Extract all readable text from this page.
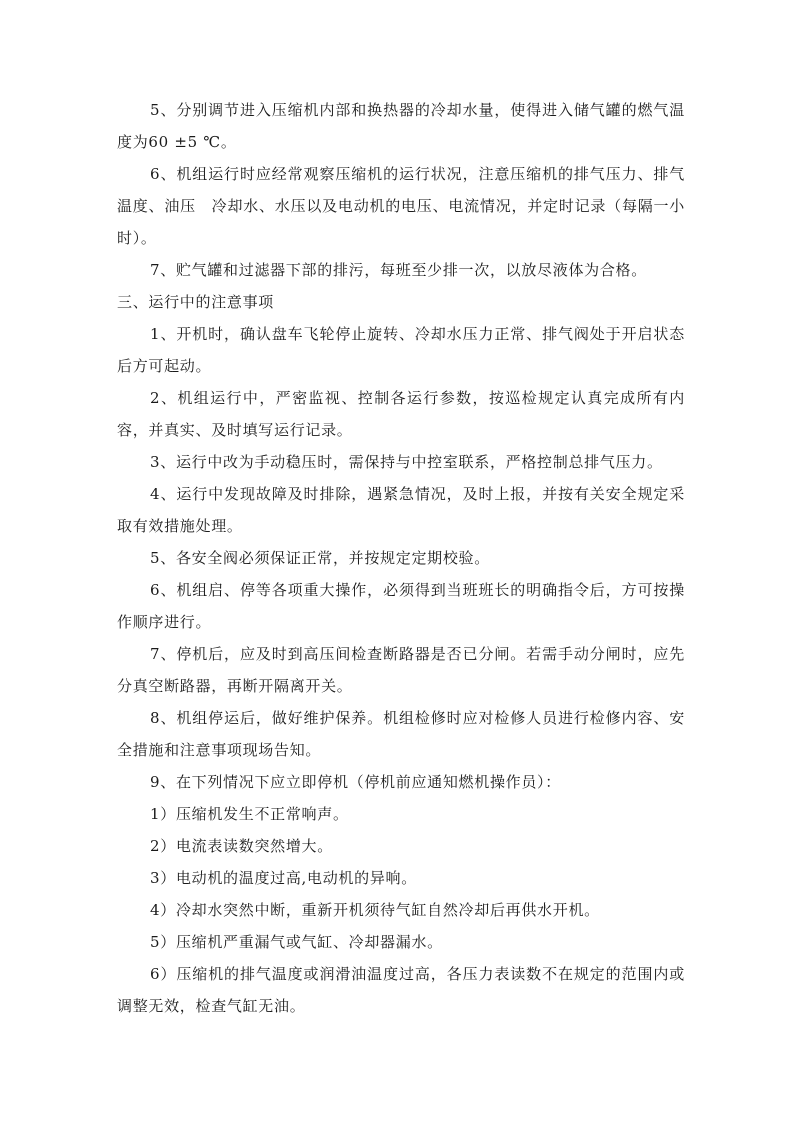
5、分别调节进入压缩机内部和换热器的冷却水量，使得进入储气罐的燃气温度为60 ±5 ℃。

6、机组运行时应经常观察压缩机的运行状况，注意压缩机的排气压力、排气温度、油压　冷却水、水压以及电动机的电压、电流情况，并定时记录（每隔一小时）。

7、贮气罐和过滤器下部的排污，每班至少排一次，以放尽液体为合格。

三、运行中的注意事项

1、开机时，确认盘车飞轮停止旋转、冷却水压力正常、排气阀处于开启状态后方可起动。

2、机组运行中，严密监视、控制各运行参数，按巡检规定认真完成所有内容，并真实、及时填写运行记录。

3、运行中改为手动稳压时，需保持与中控室联系，严格控制总排气压力。

4、运行中发现故障及时排除，遇紧急情况，及时上报，并按有关安全规定采取有效措施处理。

5、各安全阀必须保证正常，并按规定定期校验。

6、机组启、停等各项重大操作，必须得到当班班长的明确指令后，方可按操作顺序进行。

7、停机后，应及时到高压间检查断路器是否已分闸。若需手动分闸时，应先分真空断路器，再断开隔离开关。

8、机组停运后，做好维护保养。机组检修时应对检修人员进行检修内容、安全措施和注意事项现场告知。

9、在下列情况下应立即停机（停机前应通知燃机操作员）：

1）压缩机发生不正常响声。

2）电流表读数突然增大。

3）电动机的温度过高,电动机的异响。

4）冷却水突然中断，重新开机须待气缸自然冷却后再供水开机。

5）压缩机严重漏气或气缸、冷却器漏水。

6）压缩机的排气温度或润滑油温度过高，各压力表读数不在规定的范围内或调整无效，检查气缸无油。
